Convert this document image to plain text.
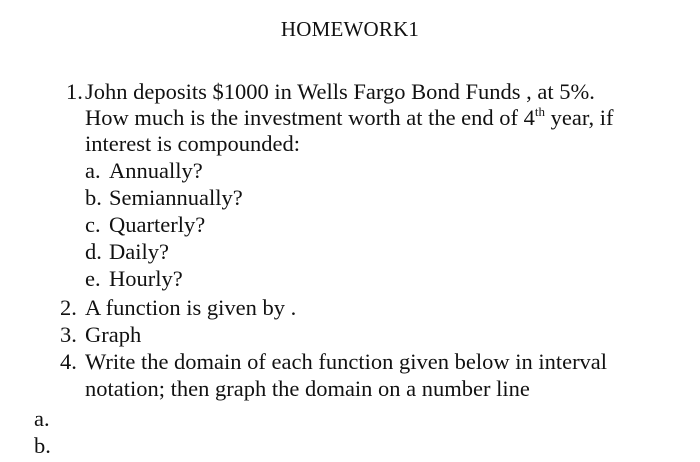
HOMEWORK1
1. John deposits $1000 in Wells Fargo Bond Funds , at 5%.
How much is the investment worth at the end of 4th year, if
interest is compounded:
a. Annually?
b. Semiannually?
c. Quarterly?
d. Daily?
e. Hourly?
2. A function is given by .
3. Graph
4. Write the domain of each function given below in interval
notation; then graph the domain on a number line
a.
b.
